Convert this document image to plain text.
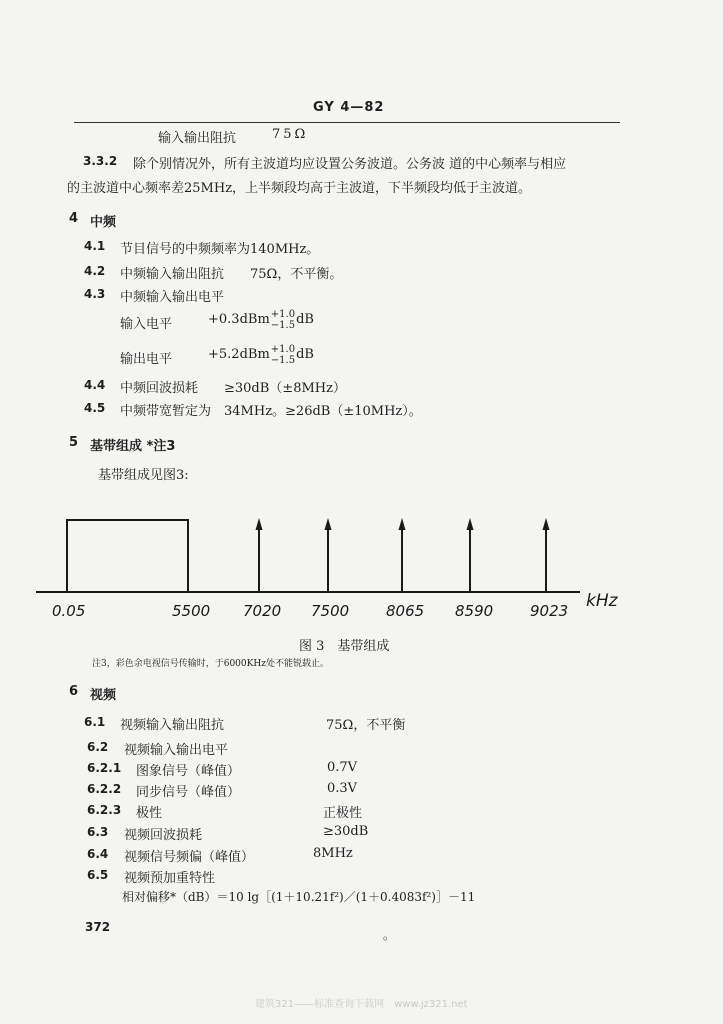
GY 4—82
输入输出阻抗	75Ω
3.3.2 除个别情况外，所有主波道均应设置公务波道。公务波 道的中心频率与相应
的主波道中心频率差25MHz，上半频段均高于主波道，下半频段均低于主波道。
4 中频
4.1 节目信号的中频频率为140MHz。
4.2 中频输入输出阻抗　　75Ω，不平衡。
4.3 中频输入输出电平
输入电平	+0.3dBm +1.0
−1.5 dB
输出电平	+5.2dBm +1.0
−1.5 dB
4.4 中频回波损耗　　≥30dB（±8MHz）
4.5 中频带宽暂定为　34MHz。≥26dB（±10MHz）。
5 基带组成 *注3
基带组成见图3:
0.05	5500 7020 7500 8065 8590 9023 kHz
图 3　基带组成
注3，彩色余电视信号传输时，于6000KHz处不能锐载止。
6 视频
6.1 视频输入输出阻抗	75Ω，不平衡
6.2 视频输入输出电平
6.2.1 图象信号（峰值）	0.7V
6.2.2 同步信号（峰值）	0.3V
6.2.3 极性	正极性
6.3 视频回波损耗	≥30dB
6.4 视频信号频偏（峰值）	8MHz
6.5 视频预加重特性
相对偏移*（dB）＝10 lg［(1＋10.21f²)／(1＋0.4083f²)］－11
372
。
建筑321——标准查询下载网　www.jz321.net
